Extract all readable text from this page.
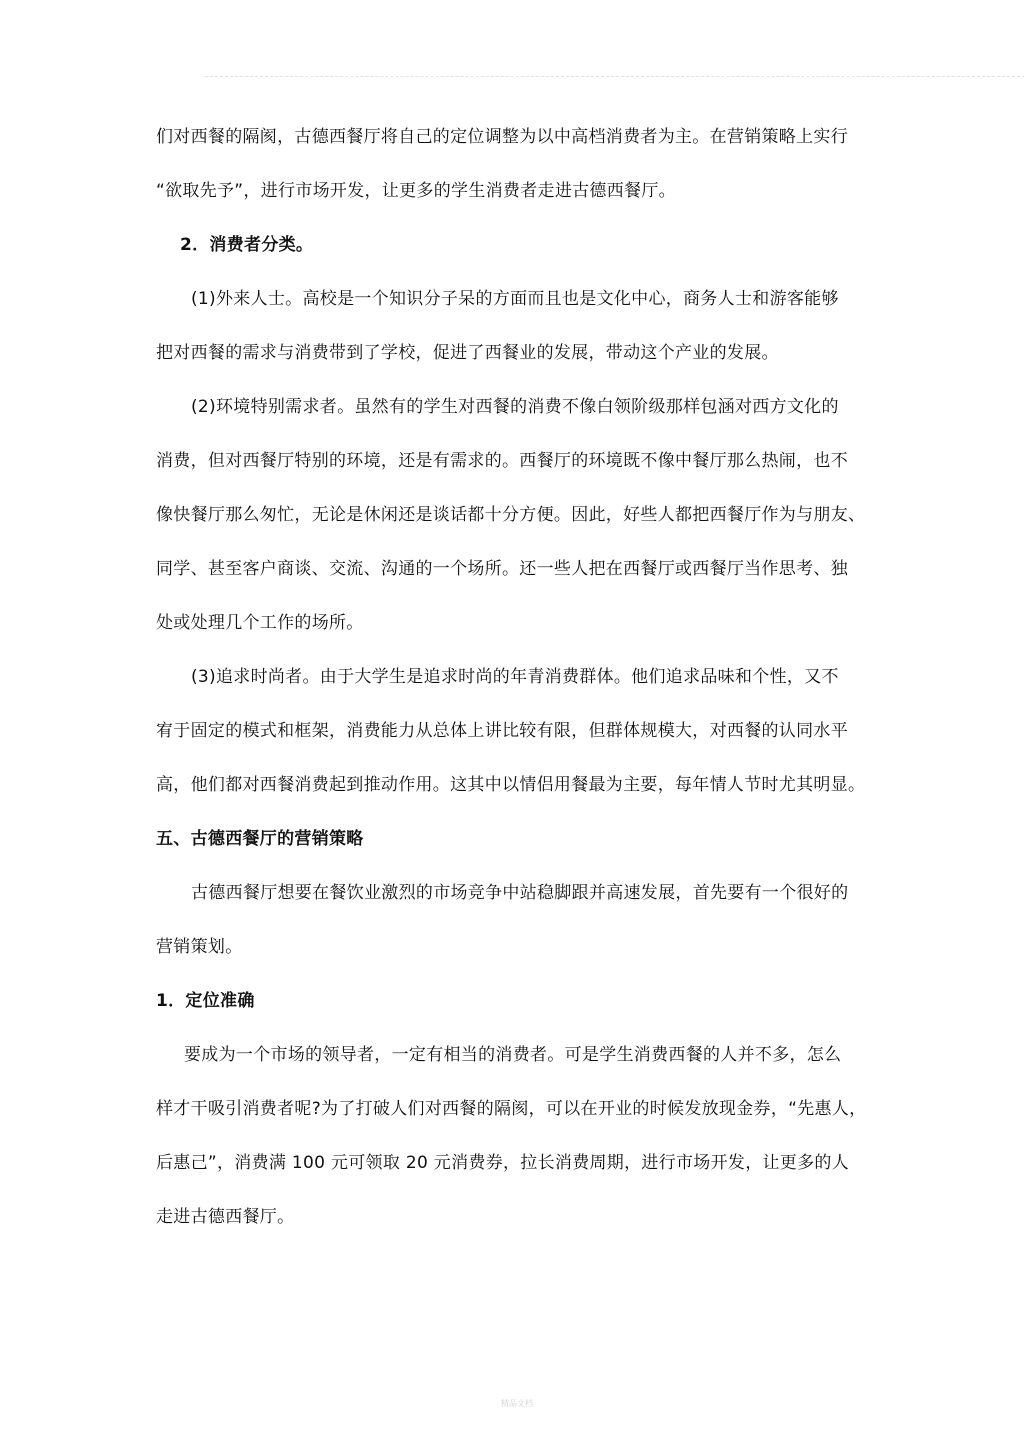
们对西餐的隔阂，古德西餐厅将自己的定位调整为以中高档消费者为主。在营销策略上实行

“欲取先予”，进行市场开发，让更多的学生消费者走进古德西餐厅。

2．消费者分类。

(1)外来人士。高校是一个知识分子呆的方面而且也是文化中心，商务人士和游客能够

把对西餐的需求与消费带到了学校，促进了西餐业的发展，带动这个产业的发展。

(2)环境特别需求者。虽然有的学生对西餐的消费不像白领阶级那样包涵对西方文化的

消费，但对西餐厅特别的环境，还是有需求的。西餐厅的环境既不像中餐厅那么热闹，也不

像快餐厅那么匆忙，无论是休闲还是谈话都十分方便。因此，好些人都把西餐厅作为与朋友、

同学、甚至客户商谈、交流、沟通的一个场所。还一些人把在西餐厅或西餐厅当作思考、独

处或处理几个工作的场所。

(3)追求时尚者。由于大学生是追求时尚的年青消费群体。他们追求品味和个性，又不

宥于固定的模式和框架，消费能力从总体上讲比较有限，但群体规模大，对西餐的认同水平

高，他们都对西餐消费起到推动作用。这其中以情侣用餐最为主要，每年情人节时尤其明显。

五、古德西餐厅的营销策略

古德西餐厅想要在餐饮业激烈的市场竞争中站稳脚跟并高速发展，首先要有一个很好的

营销策划。

1．定位准确

要成为一个市场的领导者，一定有相当的消费者。可是学生消费西餐的人并不多，怎么

样才干吸引消费者呢?为了打破人们对西餐的隔阂，可以在开业的时候发放现金券，“先惠人，

后惠己”，消费满 100 元可领取 20 元消费券，拉长消费周期，进行市场开发，让更多的人

走进古德西餐厅。

精品文档
